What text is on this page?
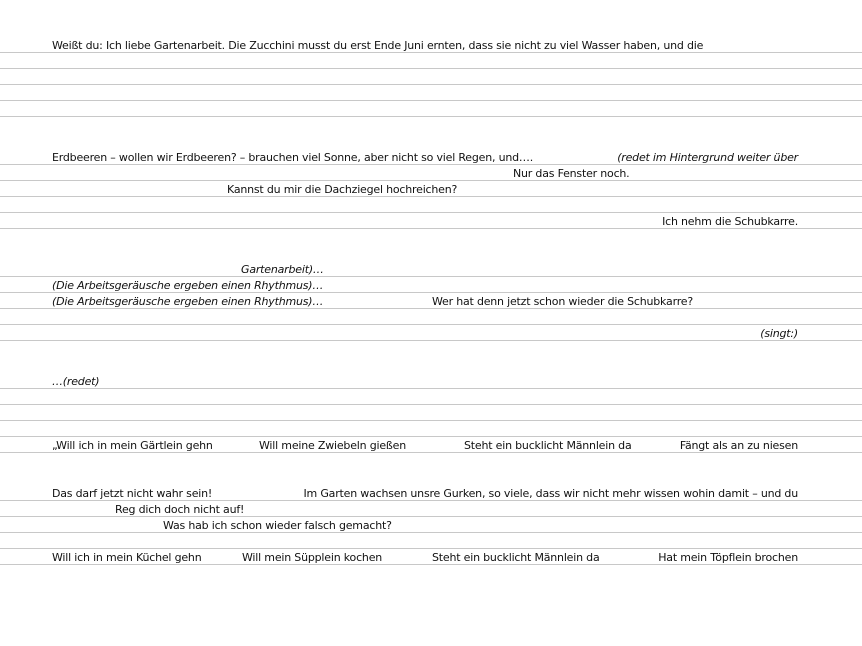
Weißt du: Ich liebe Gartenarbeit. Die Zucchini musst du erst Ende Juni ernten, dass sie nicht zu viel Wasser haben, und die
Erdbeeren – wollen wir Erdbeeren? – brauchen viel Sonne, aber nicht so viel Regen, und….	(redet im Hintergrund weiter über
Nur das Fenster noch.
Kannst du mir die Dachziegel hochreichen?
Ich nehm die Schubkarre.
Gartenarbeit)…
(Die Arbeitsgeräusche ergeben einen Rhythmus)…
(Die Arbeitsgeräusche ergeben einen Rhythmus)…	Wer hat denn jetzt schon wieder die Schubkarre?
(singt:)
…(redet)
„Will ich in mein Gärtlein gehn	Will meine Zwiebeln gießen	Steht ein bucklicht Männlein da	Fängt als an zu niesen
Das darf jetzt nicht wahr sein!	Im Garten wachsen unsre Gurken, so viele, dass wir nicht mehr wissen wohin damit – und du
Reg dich doch nicht auf!
Was hab ich schon wieder falsch gemacht?
Will ich in mein Küchel gehn	Will mein Süpplein kochen	Steht ein bucklicht Männlein da	Hat mein Töpflein brochen
